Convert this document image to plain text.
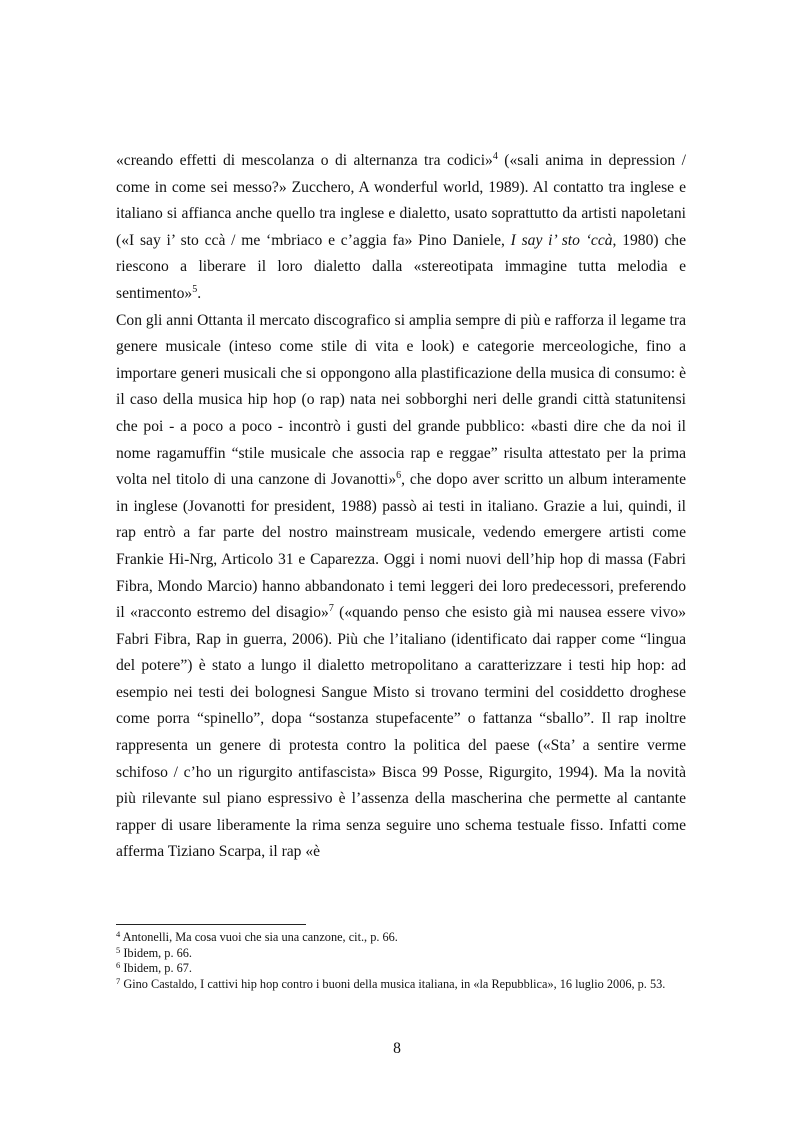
«creando effetti di mescolanza o di alternanza tra codici»$^4$ («sali anima in depression / come in come sei messo?» Zucchero, A wonderful world, 1989). Al contatto tra inglese e italiano si affianca anche quello tra inglese e dialetto, usato soprattutto da artisti napoletani («I say i’ sto ccà / me ‘mbriaco e c’aggia fa» Pino Daniele, I say i’ sto ‘ccà, 1980) che riescono a liberare il loro dialetto dalla «stereotipata immagine tutta melodia e sentimento»$^5$.

Con gli anni Ottanta il mercato discografico si amplia sempre di più e rafforza il legame tra genere musicale (inteso come stile di vita e look) e categorie merceologiche, fino a importare generi musicali che si oppongono alla plastificazione della musica di consumo: è il caso della musica hip hop (o rap) nata nei sobborghi neri delle grandi città statunitensi che poi - a poco a poco - incontrò i gusti del grande pubblico: «basti dire che da noi il nome ragamuffin “stile musicale che associa rap e reggae” risulta attestato per la prima volta nel titolo di una canzone di Jovanotti»$^6$, che dopo aver scritto un album interamente in inglese (Jovanotti for president, 1988) passò ai testi in italiano. Grazie a lui, quindi, il rap entrò a far parte del nostro mainstream musicale, vedendo emergere artisti come Frankie Hi-Nrg, Articolo 31 e Caparezza. Oggi i nomi nuovi dell’hip hop di massa (Fabri Fibra, Mondo Marcio) hanno abbandonato i temi leggeri dei loro predecessori, preferendo il «racconto estremo del disagio»$^7$ («quando penso che esisto già mi nausea essere vivo» Fabri Fibra, Rap in guerra, 2006). Più che l’italiano (identificato dai rapper come “lingua del potere”) è stato a lungo il dialetto metropolitano a caratterizzare i testi hip hop: ad esempio nei testi dei bolognesi Sangue Misto si trovano termini del cosiddetto droghese come porra “spinello”, dopa “sostanza stupefacente” o fattanza “sballo”. Il rap inoltre rappresenta un genere di protesta contro la politica del paese («Sta’ a sentire verme schifoso / c’ho un rigurgito antifascista» Bisca 99 Posse, Rigurgito, 1994). Ma la novità più rilevante sul piano espressivo è l’assenza della mascherina che permette al cantante rapper di usare liberamente la rima senza seguire uno schema testuale fisso. Infatti come afferma Tiziano Scarpa, il rap «è

$^4$ Antonelli, Ma cosa vuoi che sia una canzone, cit., p. 66.

$^5$ Ibidem, p. 66.

$^6$ Ibidem, p. 67.

$^7$ Gino Castaldo, I cattivi hip hop contro i buoni della musica italiana, in «la Repubblica», 16 luglio 2006, p. 53.

8
